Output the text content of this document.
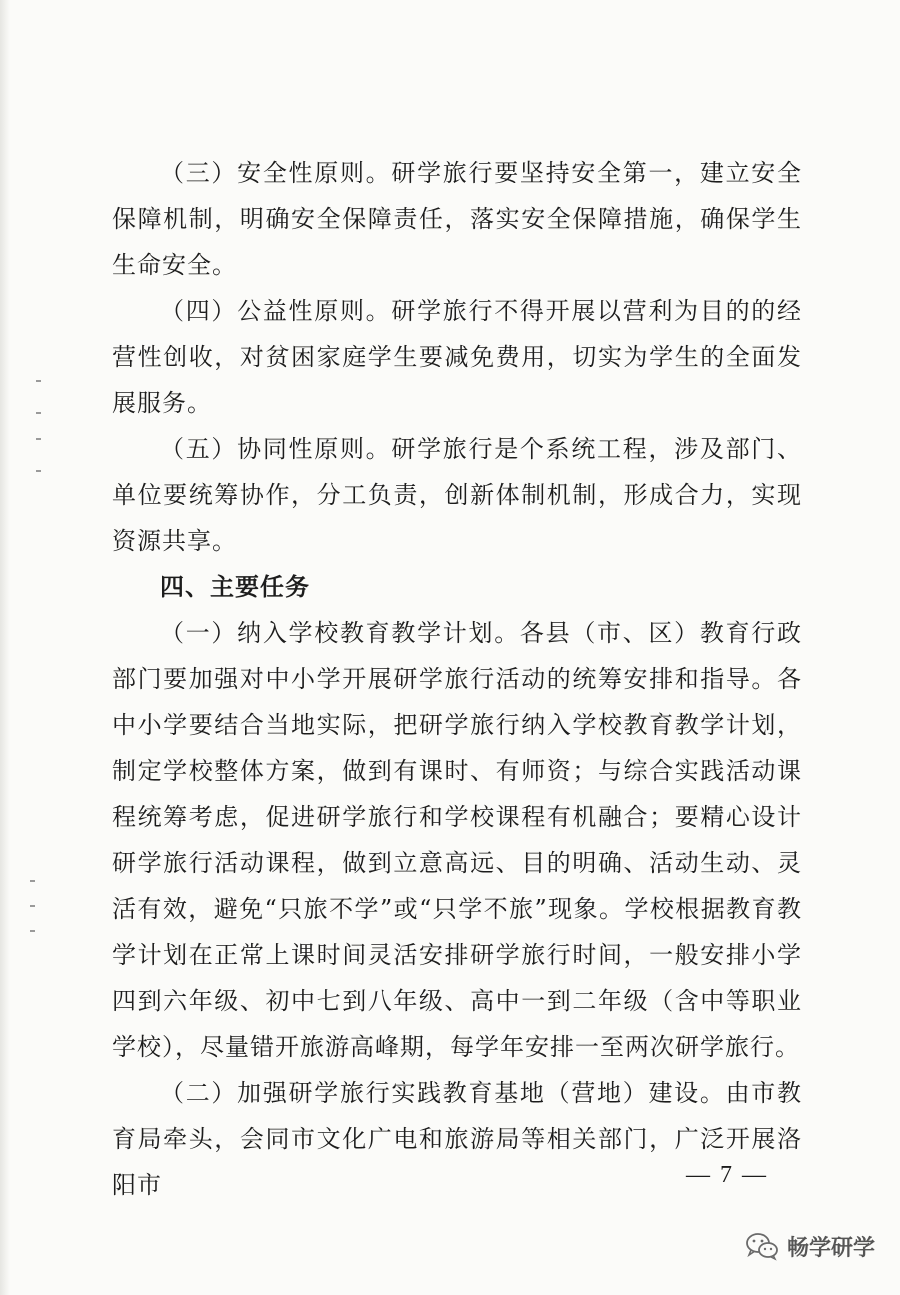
（三）安全性原则。研学旅行要坚持安全第一，建立安全保障机制，明确安全保障责任，落实安全保障措施，确保学生生命安全。

（四）公益性原则。研学旅行不得开展以营利为目的的经营性创收，对贫困家庭学生要减免费用，切实为学生的全面发展服务。

（五）协同性原则。研学旅行是个系统工程，涉及部门、单位要统筹协作，分工负责，创新体制机制，形成合力，实现资源共享。

四、主要任务

（一）纳入学校教育教学计划。各县（市、区）教育行政部门要加强对中小学开展研学旅行活动的统筹安排和指导。各中小学要结合当地实际，把研学旅行纳入学校教育教学计划，制定学校整体方案，做到有课时、有师资；与综合实践活动课程统筹考虑，促进研学旅行和学校课程有机融合；要精心设计研学旅行活动课程，做到立意高远、目的明确、活动生动、灵活有效，避免“只旅不学”或“只学不旅”现象。学校根据教育教学计划在正常上课时间灵活安排研学旅行时间，一般安排小学四到六年级、初中七到八年级、高中一到二年级（含中等职业学校），尽量错开旅游高峰期，每学年安排一至两次研学旅行。

（二）加强研学旅行实践教育基地（营地）建设。由市教育局牵头，会同市文化广电和旅游局等相关部门，广泛开展洛阳市	— 7 —
畅学研学
